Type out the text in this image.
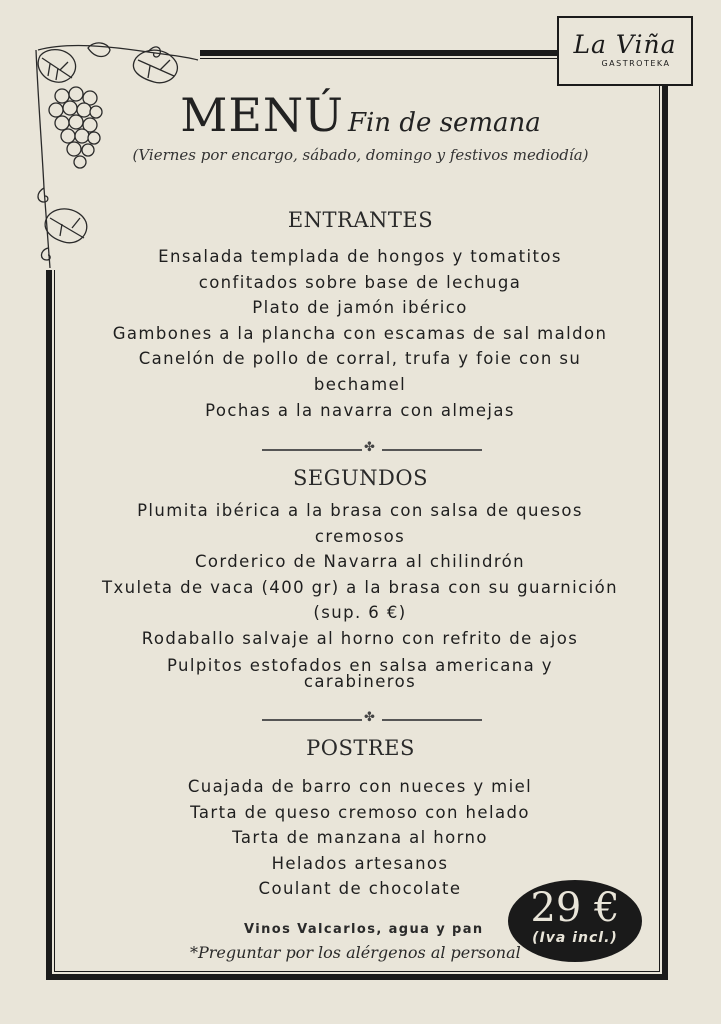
La Viña
GASTROTEKA
MENÚ Fin de semana
(Viernes por encargo, sábado, domingo y festivos mediodía)
ENTRANTES
Ensalada templada de hongos y tomatitos
confitados sobre base de lechuga
Plato de jamón ibérico
Gambones a la plancha con escamas de sal maldon
Canelón de pollo de corral, trufa y foie con su
bechamel
Pochas a la navarra con almejas
✤
SEGUNDOS
Plumita ibérica a la brasa con salsa de quesos
cremosos
Corderico de Navarra al chilindrón
Txuleta de vaca (400 gr) a la brasa con su guarnición
(sup. 6 €)
Rodaballo salvaje al horno con refrito de ajos
Pulpitos estofados en salsa americana y
carabineros
✤
POSTRES
Cuajada de barro con nueces y miel
Tarta de queso cremoso con helado
Tarta de manzana al horno
Helados artesanos
Coulant de chocolate
Vinos Valcarlos, agua y pan
*Preguntar por los alérgenos al personal
29 €
(Iva incl.)
